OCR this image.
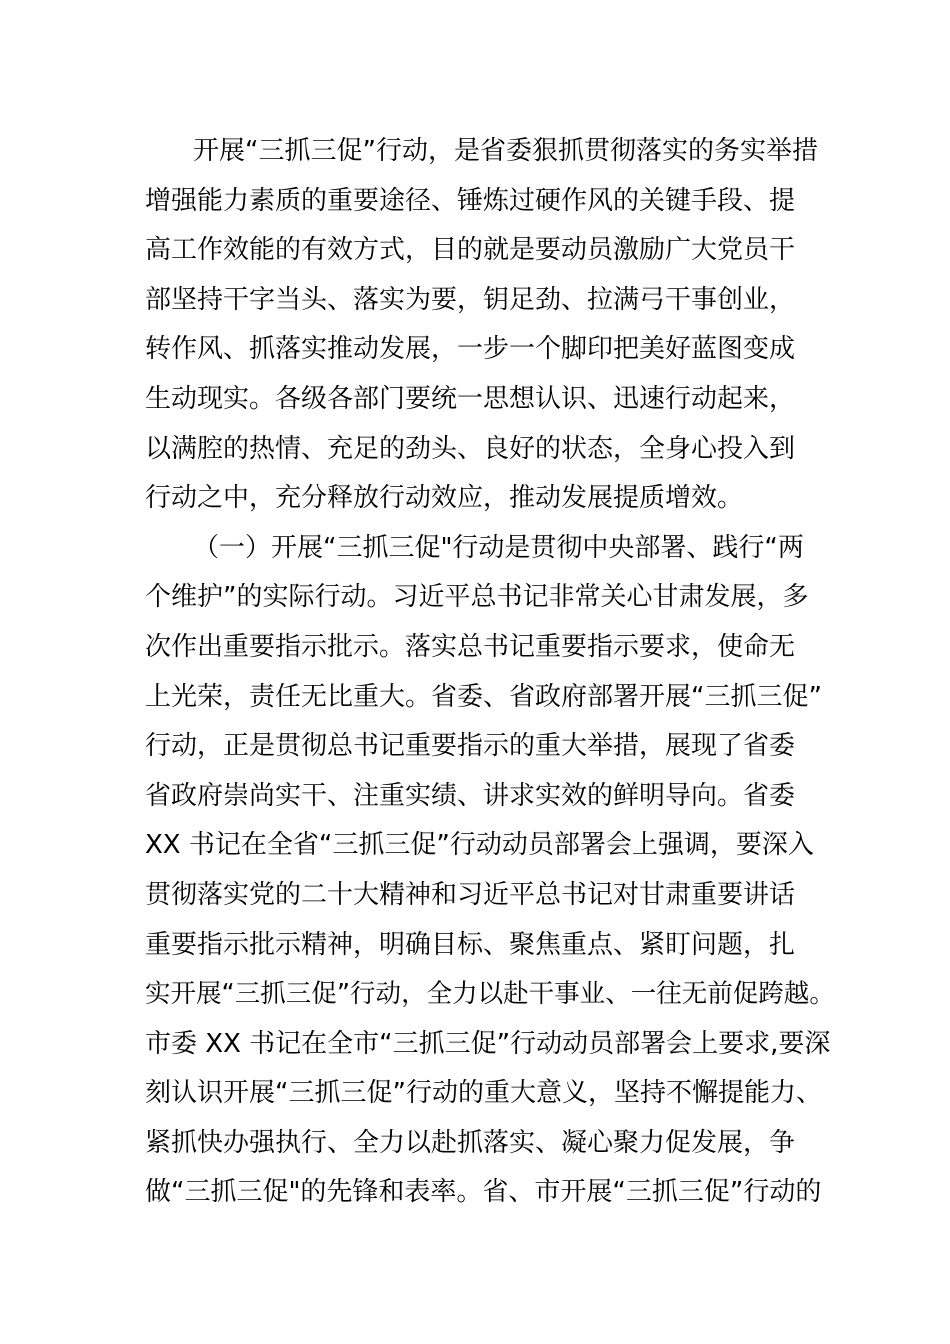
开展“三抓三促”行动，是省委狠抓贯彻落实的务实举措
增强能力素质的重要途径、锤炼过硬作风的关键手段、提
高工作效能的有效方式，目的就是要动员激励广大党员干
部坚持干字当头、落实为要，钥足劲、拉满弓干事创业，
转作风、抓落实推动发展，一步一个脚印把美好蓝图变成
生动现实。各级各部门要统一思想认识、迅速行动起来，
以满腔的热情、充足的劲头、良好的状态，全身心投入到
行动之中，充分释放行动效应，推动发展提质增效。
（一）开展“三抓三促"行动是贯彻中央部署、践行“两
个维护”的实际行动。习近平总书记非常关心甘肃发展，多
次作出重要指示批示。落实总书记重要指示要求，使命无
上光荣，责任无比重大。省委、省政府部署开展“三抓三促”
行动，正是贯彻总书记重要指示的重大举措，展现了省委
省政府崇尚实干、注重实绩、讲求实效的鲜明导向。省委
XX 书记在全省“三抓三促”行动动员部署会上强调，要深入
贯彻落实党的二十大精神和习近平总书记对甘肃重要讲话
重要指示批示精神，明确目标、聚焦重点、紧盯问题，扎
实开展“三抓三促”行动，全力以赴干事业、一往无前促跨越。
市委 XX 书记在全市“三抓三促”行动动员部署会上要求,要深
刻认识开展“三抓三促”行动的重大意义，坚持不懈提能力、
紧抓快办强执行、全力以赴抓落实、凝心聚力促发展，争
做“三抓三促"的先锋和表率。省、市开展“三抓三促”行动的
